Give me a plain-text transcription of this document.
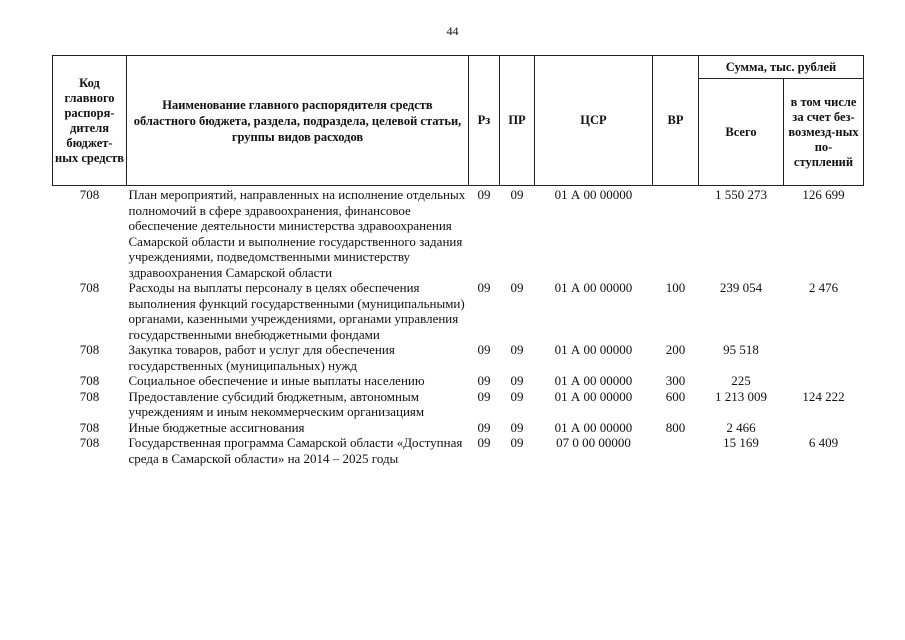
44
Код главного распоря-дителя бюджет-ных средств	Наименование главного распорядителя средств областного бюджета, раздела, подраздела, целевой статьи, группы видов расходов	Рз	ПР	ЦСР	ВР	Сумма, тыс. рублей	
						Всего	в том числе за счет без-возмезд-ных по-ступлений
708	План мероприятий, направленных на исполнение отдельных полномочий в сфере здравоохранения, финансовое обеспечение деятельности министерства здравоохранения Самарской области и выполнение государственного задания учреждениями, подведомственными министерству здравоохранения Самарской области	09	09	01 А 00 00000		1 550 273	126 699
708	Расходы на выплаты персоналу в целях обеспечения выполнения функций государственными (муниципальными) органами, казенными учреждениями, органами управления государственными внебюджетными фондами	09	09	01 А 00 00000	100	239 054	2 476
708	Закупка товаров, работ и услуг для обеспечения государственных (муниципальных) нужд	09	09	01 А 00 00000	200	95 518	
708	Социальное обеспечение и иные выплаты населению	09	09	01 А 00 00000	300	225	
708	Предоставление субсидий бюджетным, автономным учреждениям и иным некоммерческим организациям	09	09	01 А 00 00000	600	1 213 009	124 222
708	Иные бюджетные ассигнования	09	09	01 А 00 00000	800	2 466	
708	Государственная программа Самарской области «Доступная среда в Самарской области» на 2014 – 2025 годы	09	09	07 0 00 00000		15 169	6 409
